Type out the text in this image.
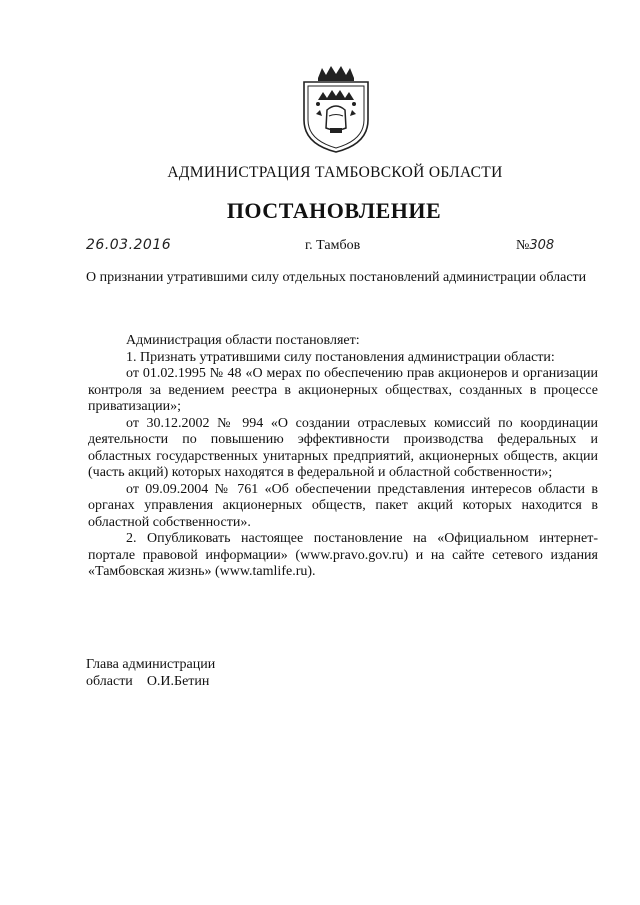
АДМИНИСТРАЦИЯ ТАМБОВСКОЙ ОБЛАСТИ
ПОСТАНОВЛЕНИЕ
26.03.2016	г. Тамбов	№308
О признании утратившими силу отдельных постановлений администрации области

Администрация области постановляет:

1. Признать утратившими силу постановления администрации области:

от 01.02.1995 № 48 «О мерах по обеспечению прав акционеров и организации контроля за ведением реестра в акционерных обществах, созданных в процессе приватизации»;

от 30.12.2002 № 994 «О создании отраслевых комиссий по координации деятельности по повышению эффективности производства федеральных и областных государственных унитарных предприятий, акционерных обществ, акции (часть акций) которых находятся в федеральной и областной собственности»;

от 09.09.2004 № 761 «Об обеспечении представления интересов области в органах управления акционерных обществ, пакет акций которых находится в областной собственности».

2. Опубликовать настоящее постановление на «Официальном интернет-портале правовой информации» (www.pravo.gov.ru) и на сайте сетевого издания «Тамбовская жизнь» (www.tamlife.ru).

Глава администрации
области О.И.Бетин
